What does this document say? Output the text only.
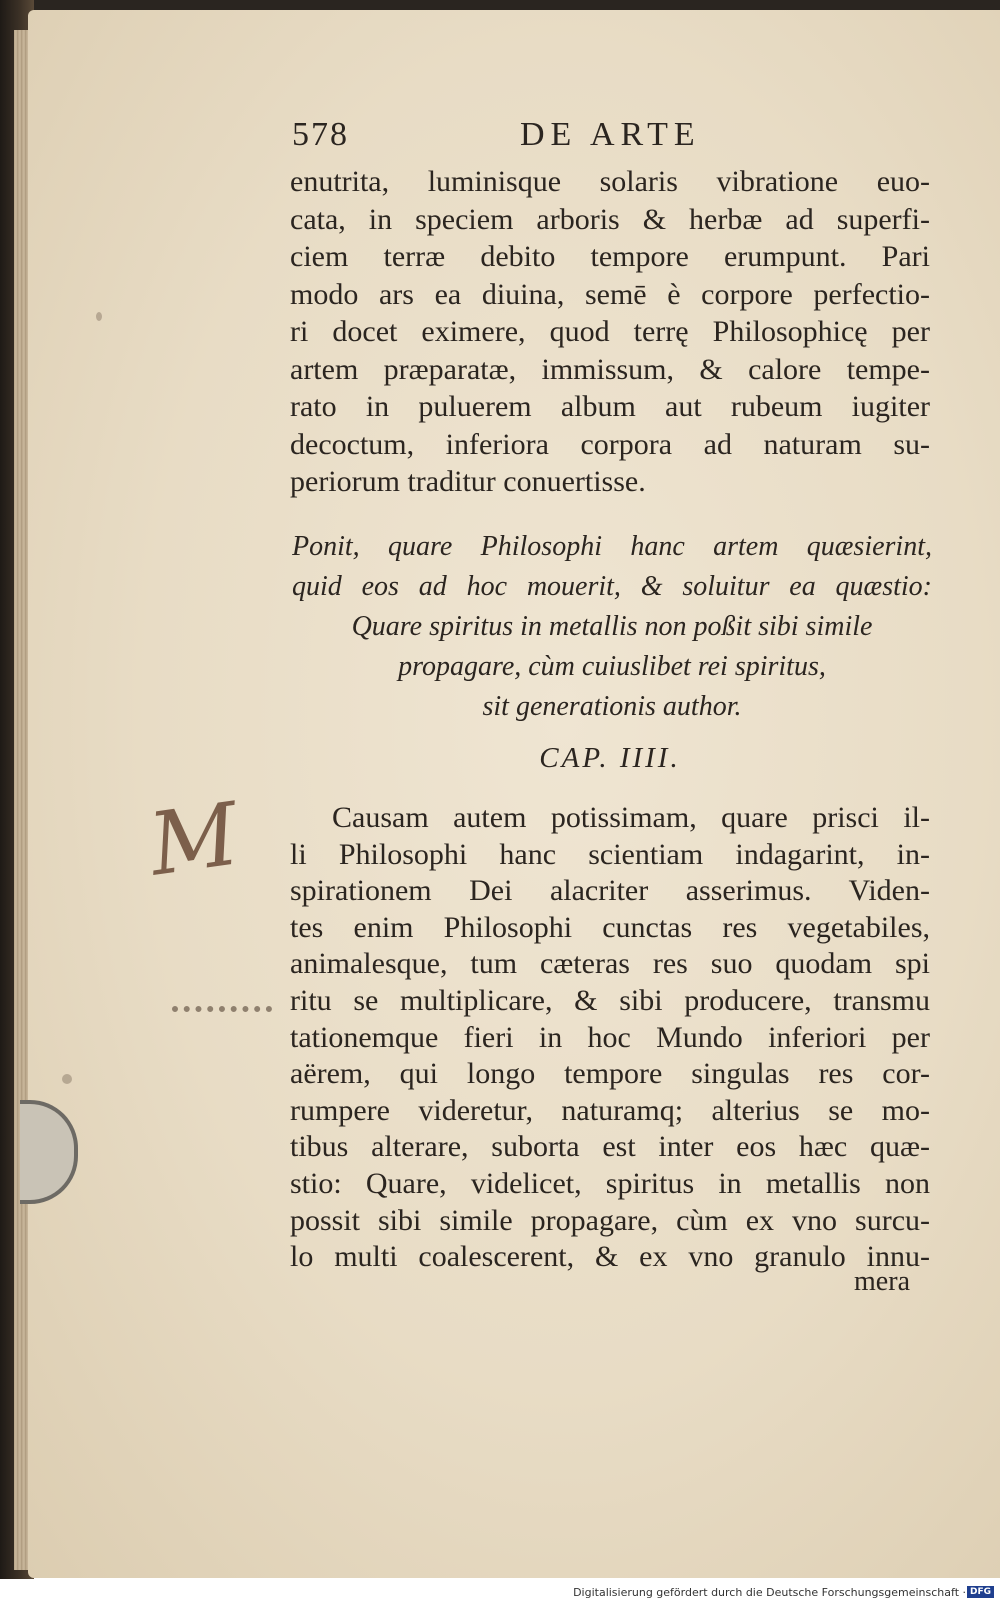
578	DE ARTE
enutrita, luminisque solaris vibratione euo-
cata, in speciem arboris & herbæ ad superfi-
ciem terræ debito tempore erumpunt. Pari
modo ars ea diuina, semē è corpore perfectio-
ri docet eximere, quod terrę Philosophicę per
artem præparatæ, immissum, & calore tempe-
rato in puluerem album aut rubeum iugiter
decoctum, inferiora corpora ad naturam su-
periorum traditur conuertisse.
Ponit, quare Philosophi hanc artem quæsierint,
quid eos ad hoc mouerit, & soluitur ea quæstio:
Quare spiritus in metallis non poßit sibi simile
propagare, cùm cuiuslibet rei spiritus,
sit generationis author.
CAP. IIII.
Causam autem potissimam, quare prisci il-
li Philosophi hanc scientiam indagarint, in-
spirationem Dei alacriter asserimus. Viden-
tes enim Philosophi cunctas res vegetabiles,
animalesque, tum cæteras res suo quodam spi
ritu se multiplicare, & sibi producere, transmu
tationemque fieri in hoc Mundo inferiori per
aërem, qui longo tempore singulas res cor-
rumpere videretur, naturamq; alterius se mo-
tibus alterare, suborta est inter eos hæc quæ-
stio: Quare, videlicet, spiritus in metallis non
possit sibi simile propagare, cùm ex vno surcu-
lo multi coalescerent, & ex vno granulo innu-
mera
M
Digitalisierung gefördert durch die Deutsche Forschungsgemeinschaft · DFG
